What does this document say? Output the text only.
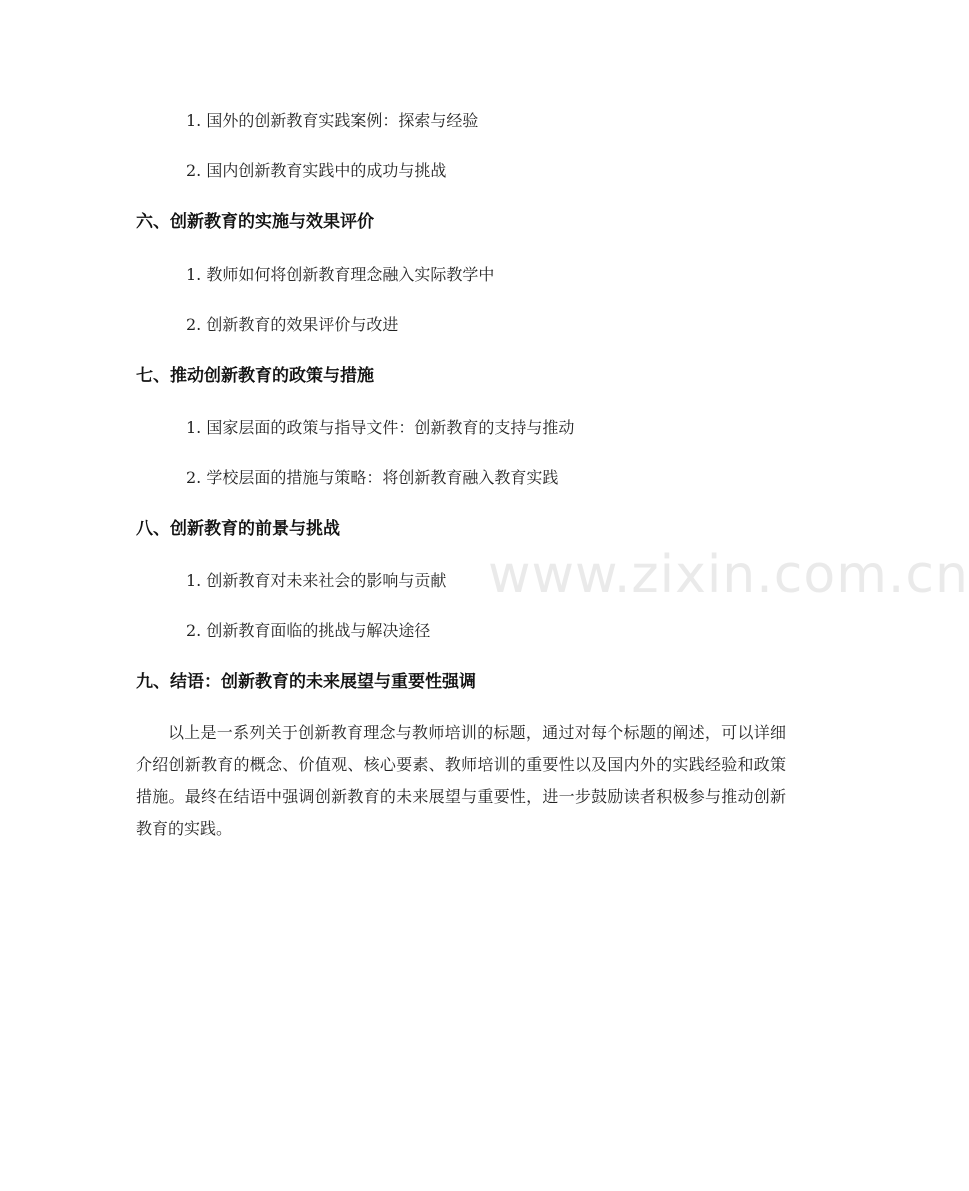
1. 国外的创新教育实践案例：探索与经验
2. 国内创新教育实践中的成功与挑战
六、创新教育的实施与效果评价
1. 教师如何将创新教育理念融入实际教学中
2. 创新教育的效果评价与改进
七、推动创新教育的政策与措施
1. 国家层面的政策与指导文件：创新教育的支持与推动
2. 学校层面的措施与策略：将创新教育融入教育实践
八、创新教育的前景与挑战
1. 创新教育对未来社会的影响与贡献
2. 创新教育面临的挑战与解决途径
九、结语：创新教育的未来展望与重要性强调

以上是一系列关于创新教育理念与教师培训的标题，通过对每个标题的阐述，可以详细介绍创新教育的概念、价值观、核心要素、教师培训的重要性以及国内外的实践经验和政策措施。最终在结语中强调创新教育的未来展望与重要性，进一步鼓励读者积极参与推动创新教育的实践。

www.zixin.com.cn
